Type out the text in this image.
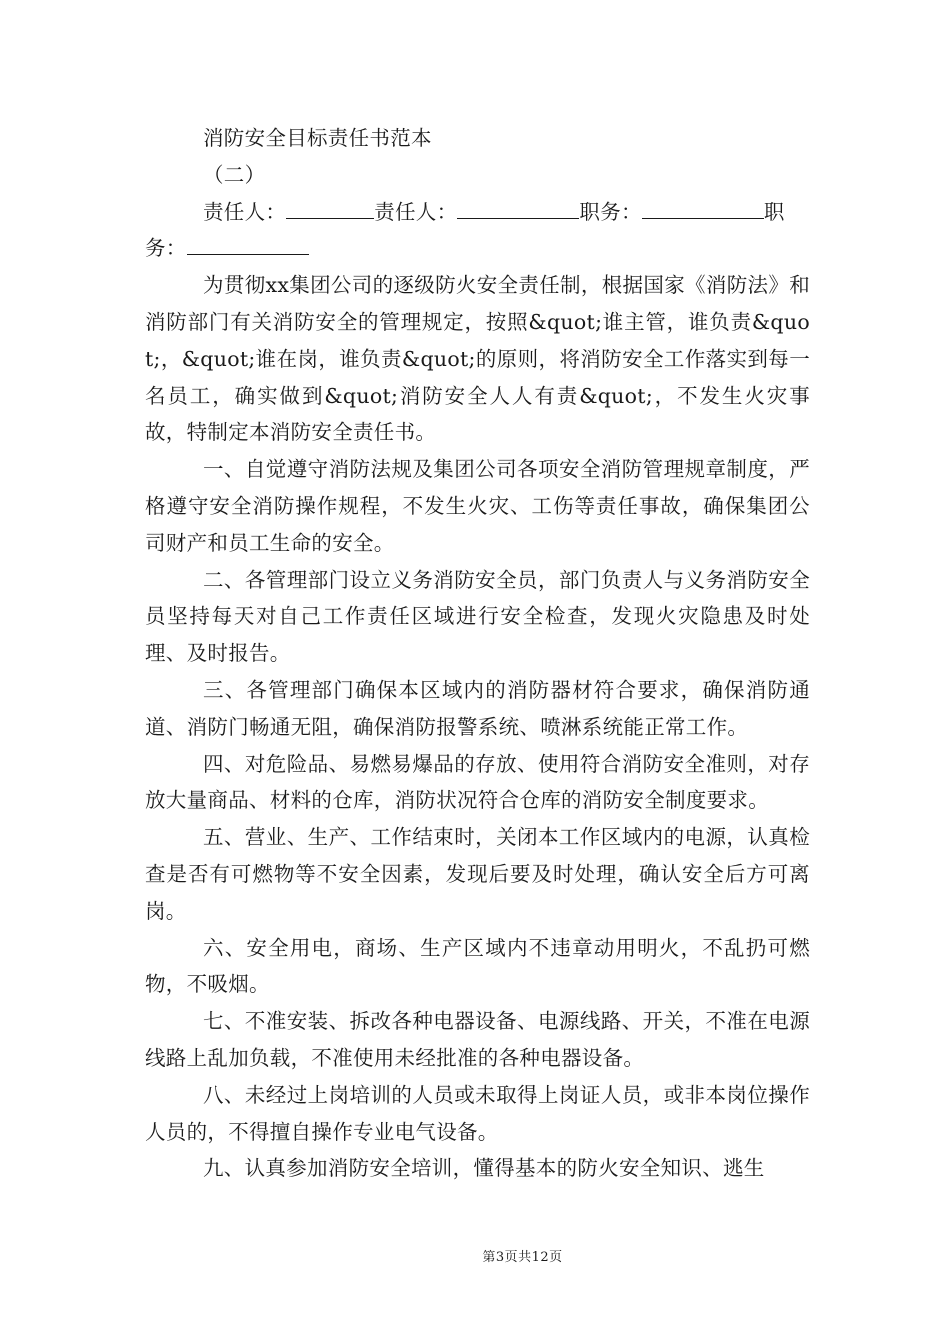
消防安全目标责任书范本

（二）

责任人：	责任人：	职务：	职务：

为贯彻xx集团公司的逐级防火安全责任制，根据国家《消防法》和消防部门有关消防安全的管理规定，按照&quot;谁主管，谁负责&quot;，&quot;谁在岗，谁负责&quot;的原则，将消防安全工作落实到每一名员工，确实做到&quot;消防安全人人有责&quot;，不发生火灾事故，特制定本消防安全责任书。

一、自觉遵守消防法规及集团公司各项安全消防管理规章制度，严格遵守安全消防操作规程，不发生火灾、工伤等责任事故，确保集团公司财产和员工生命的安全。

二、各管理部门设立义务消防安全员，部门负责人与义务消防安全员坚持每天对自己工作责任区域进行安全检查，发现火灾隐患及时处理、及时报告。

三、各管理部门确保本区域内的消防器材符合要求，确保消防通道、消防门畅通无阻，确保消防报警系统、喷淋系统能正常工作。

四、对危险品、易燃易爆品的存放、使用符合消防安全准则，对存放大量商品、材料的仓库，消防状况符合仓库的消防安全制度要求。

五、营业、生产、工作结束时，关闭本工作区域内的电源，认真检查是否有可燃物等不安全因素，发现后要及时处理，确认安全后方可离岗。

六、安全用电，商场、生产区域内不违章动用明火，不乱扔可燃物，不吸烟。

七、不准安装、拆改各种电器设备、电源线路、开关，不准在电源线路上乱加负载，不准使用未经批准的各种电器设备。

八、未经过上岗培训的人员或未取得上岗证人员，或非本岗位操作人员的，不得擅自操作专业电气设备。

九、认真参加消防安全培训，懂得基本的防火安全知识、逃生

第3页共12页
